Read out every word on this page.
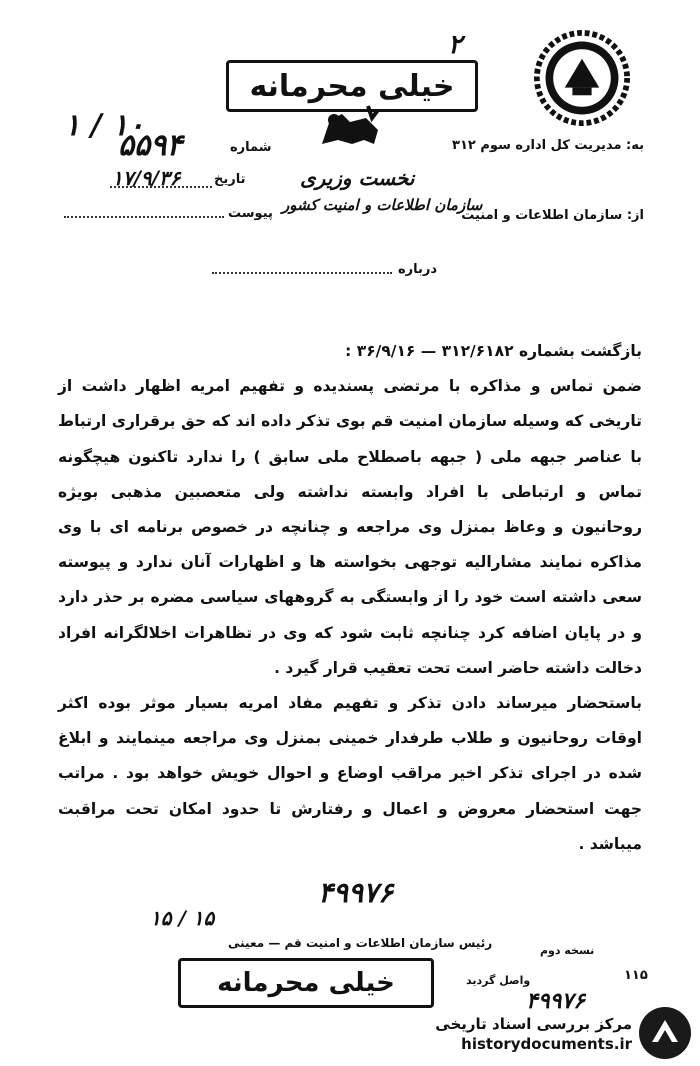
۲
خیلی محرمانه
۵۵۹۴
۱ / ۱۰
شماره
۱۷/۹/۳۶	تاریخ
پیوست
به: مدیریت کل اداره سوم ۳۱۲
نخست وزیری
از: سازمان اطلاعات و امنیت
سازمان اطلاعات و امنیت کشور
درباره

بازگشت بشماره ۳۱۲/۶۱۸۲ — ۳۶/۹/۱۶ :

ضمن تماس و مذاکره با مرتضی پسندیده و تفهیم امریه اظهار داشت از تاریخی که وسیله سازمان امنیت قم بوی تذکر داده اند که حق برقراری ارتباط با عناصر جبهه ملی ( جبهه باصطلاح ملی سابق ) را ندارد تاکنون هیچگونه تماس و ارتباطی با افراد وابسته نداشته ولی متعصبین مذهبی بویژه روحانیون و وعاظ بمنزل وی مراجعه و چنانچه در خصوص برنامه ای با وی مذاکره نمایند مشارالیه توجهی بخواسته ها و اظهارات آنان ندارد و پیوسته سعی داشته است خود را از وابستگی به گروههای سیاسی مضره بر حذر دارد و در پایان اضافه کرد چنانچه ثابت شود که وی در تظاهرات اخلالگرانه افراد دخالت داشته حاضر است تحت تعقیب قرار گیرد .

باستحضار میرساند دادن تذکر و تفهیم مفاد امریه بسیار موثر بوده اکثر اوقات روحانیون و طلاب طرفدار خمینی بمنزل وی مراجعه مینمایند و ابلاغ شده در اجرای تذکر اخیر مراقب اوضاع و احوال خویش خواهد بود . مراتب جهت استحضار معروض و اعمال و رفتارش تا حدود امکان تحت مراقبت میباشد .

۴۹۹۷۶
۱۵ / ۱۵
رئیس سازمان اطلاعات و امنیت قم — معینی
نسخه دوم
واصل گردید	۱۱۵
۴۹۹۷۶
خیلی محرمانه
مرکز بررسی اسناد تاریخی
historydocuments.ir
